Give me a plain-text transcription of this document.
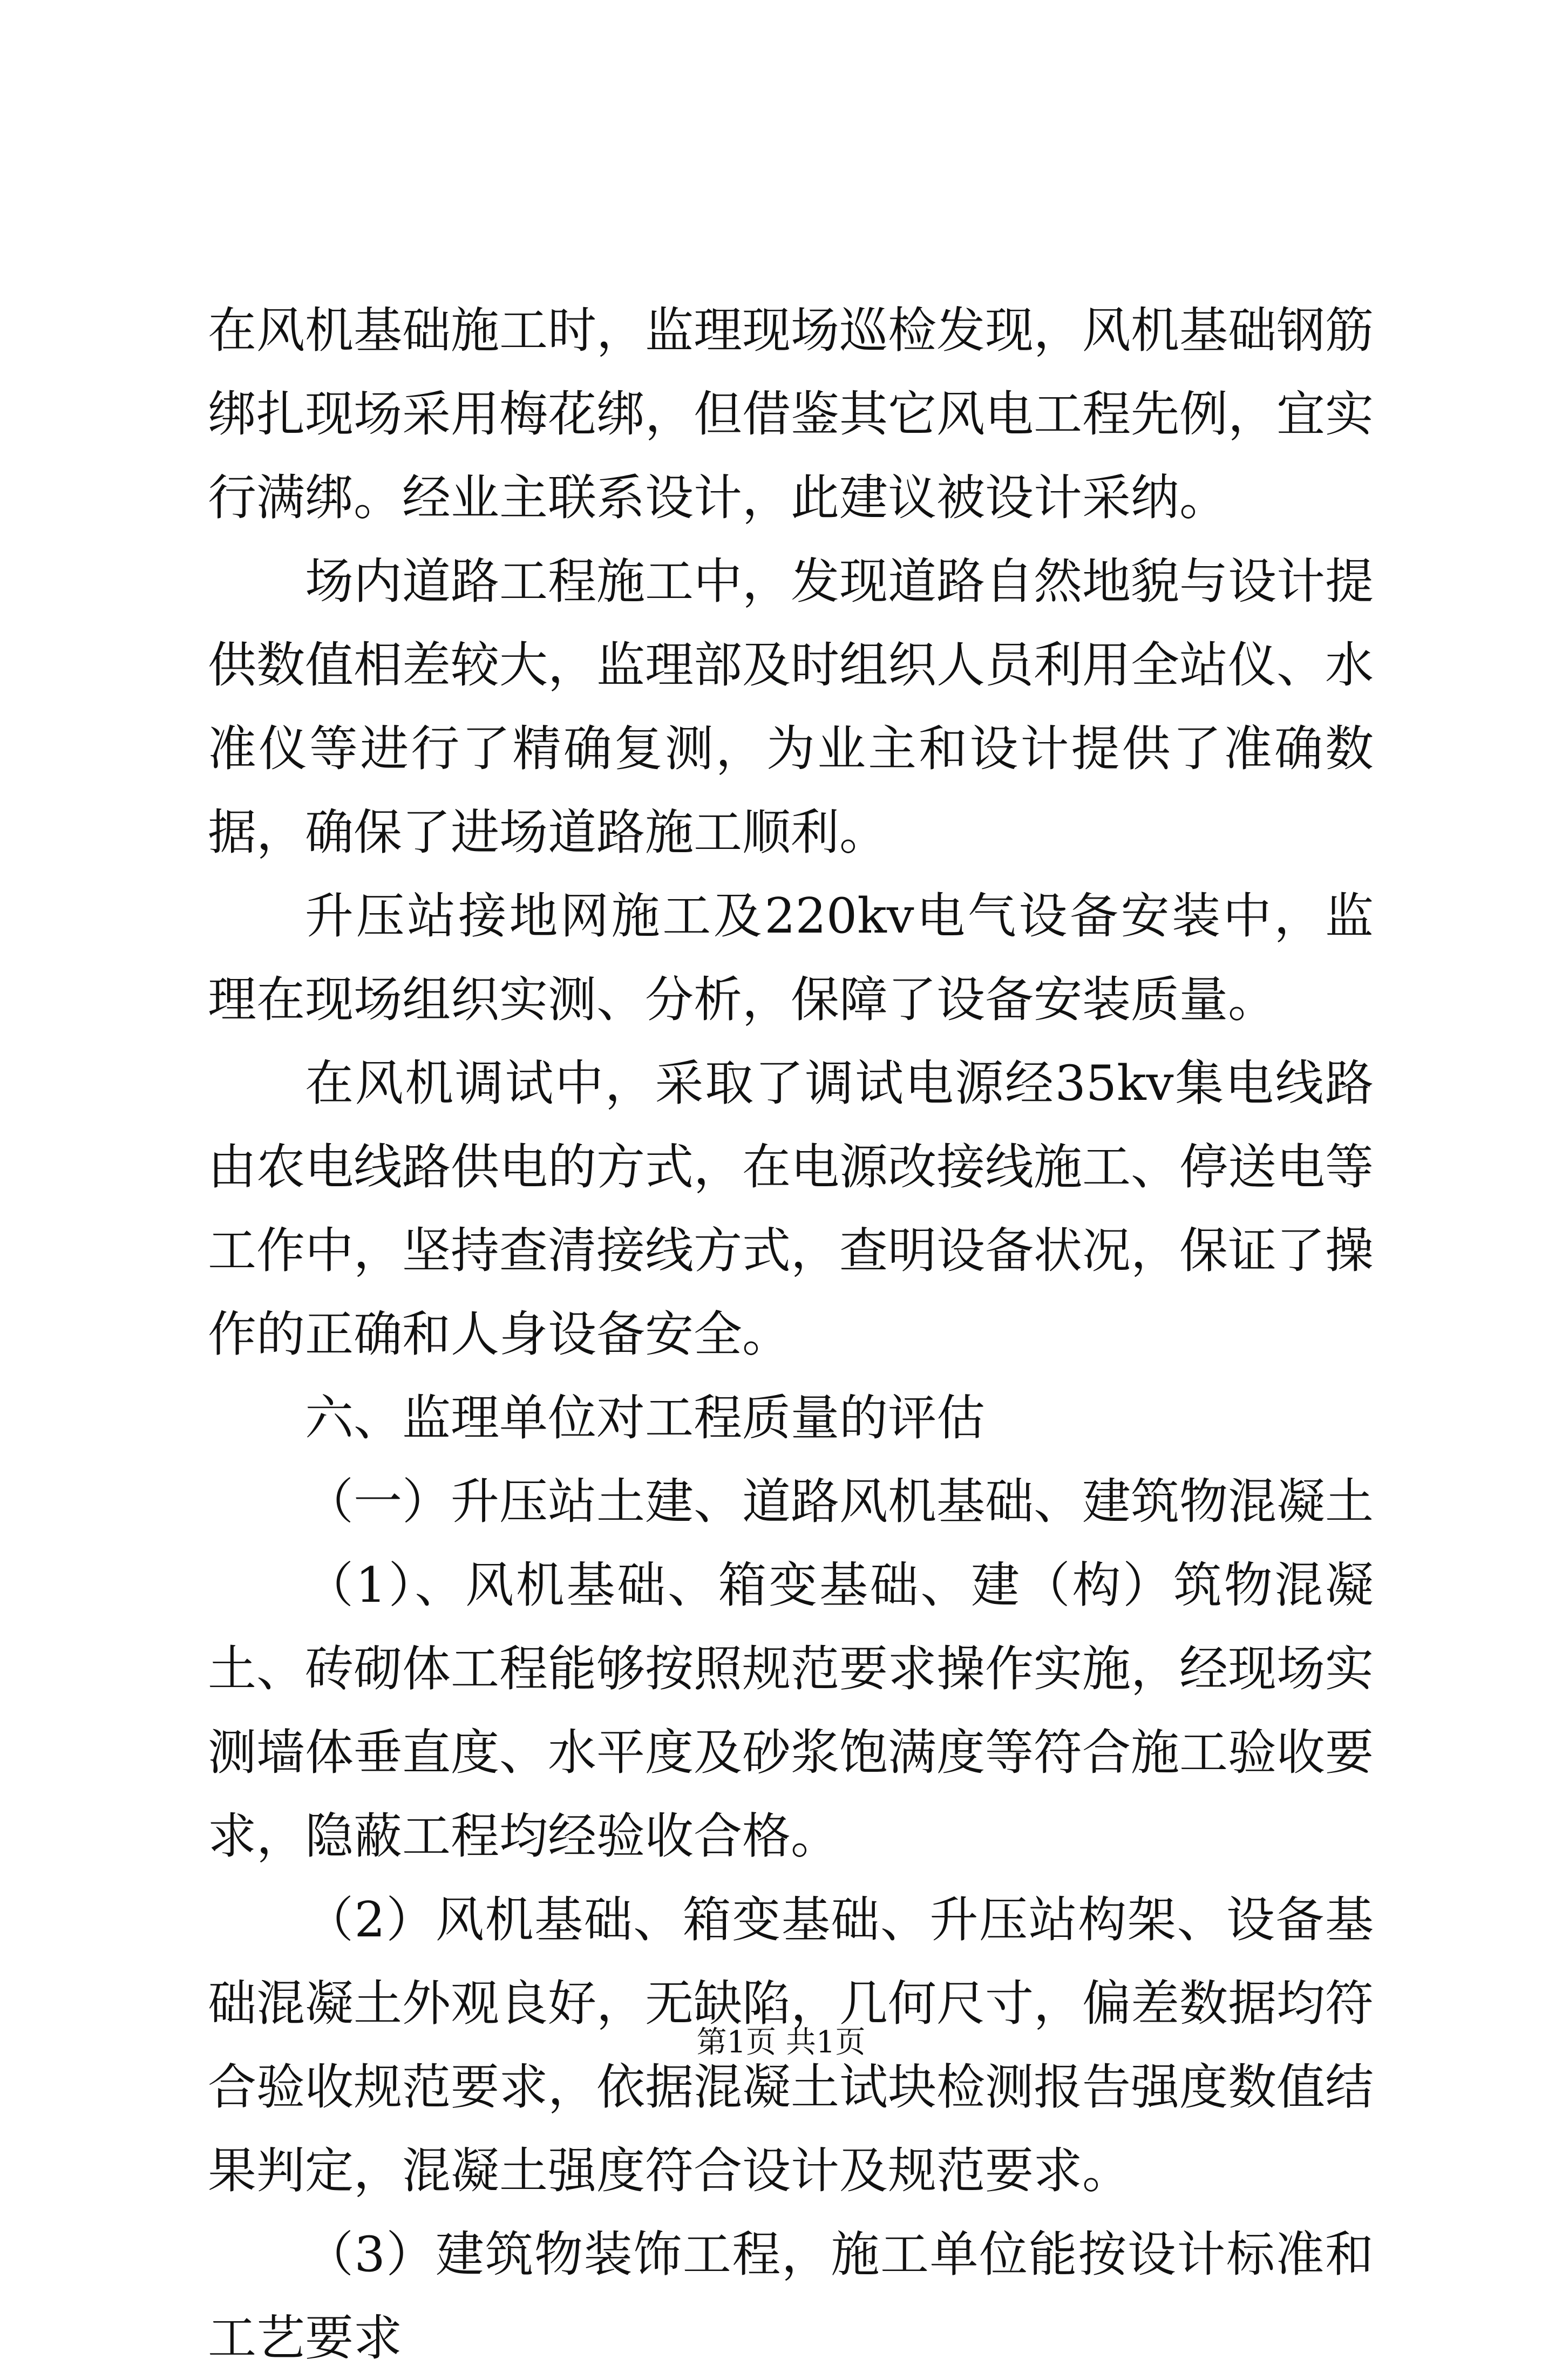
在风机基础施工时，监理现场巡检发现，风机基础钢筋绑扎现场采用梅花绑，但借鉴其它风电工程先例，宜实行满绑。经业主联系设计，此建议被设计采纳。

场内道路工程施工中，发现道路自然地貌与设计提供数值相差较大，监理部及时组织人员利用全站仪、水准仪等进行了精确复测，为业主和设计提供了准确数据，确保了进场道路施工顺利。

升压站接地网施工及220kv电气设备安装中，监理在现场组织实测、分析，保障了设备安装质量。

在风机调试中，采取了调试电源经35kv集电线路由农电线路供电的方式，在电源改接线施工、停送电等工作中，坚持查清接线方式，查明设备状况，保证了操作的正确和人身设备安全。

六、监理单位对工程质量的评估

（一）升压站土建、道路风机基础、建筑物混凝土

（1）、风机基础、箱变基础、建（构）筑物混凝土、砖砌体工程能够按照规范要求操作实施，经现场实测墙体垂直度、水平度及砂浆饱满度等符合施工验收要求，隐蔽工程均经验收合格。

（2）风机基础、箱变基础、升压站构架、设备基础混凝土外观良好，无缺陷，几何尺寸，偏差数据均符合验收规范要求，依据混凝土试块检测报告强度数值结果判定，混凝土强度符合设计及规范要求。

（3）建筑物装饰工程，施工单位能按设计标准和工艺要求

第1页 共1页
